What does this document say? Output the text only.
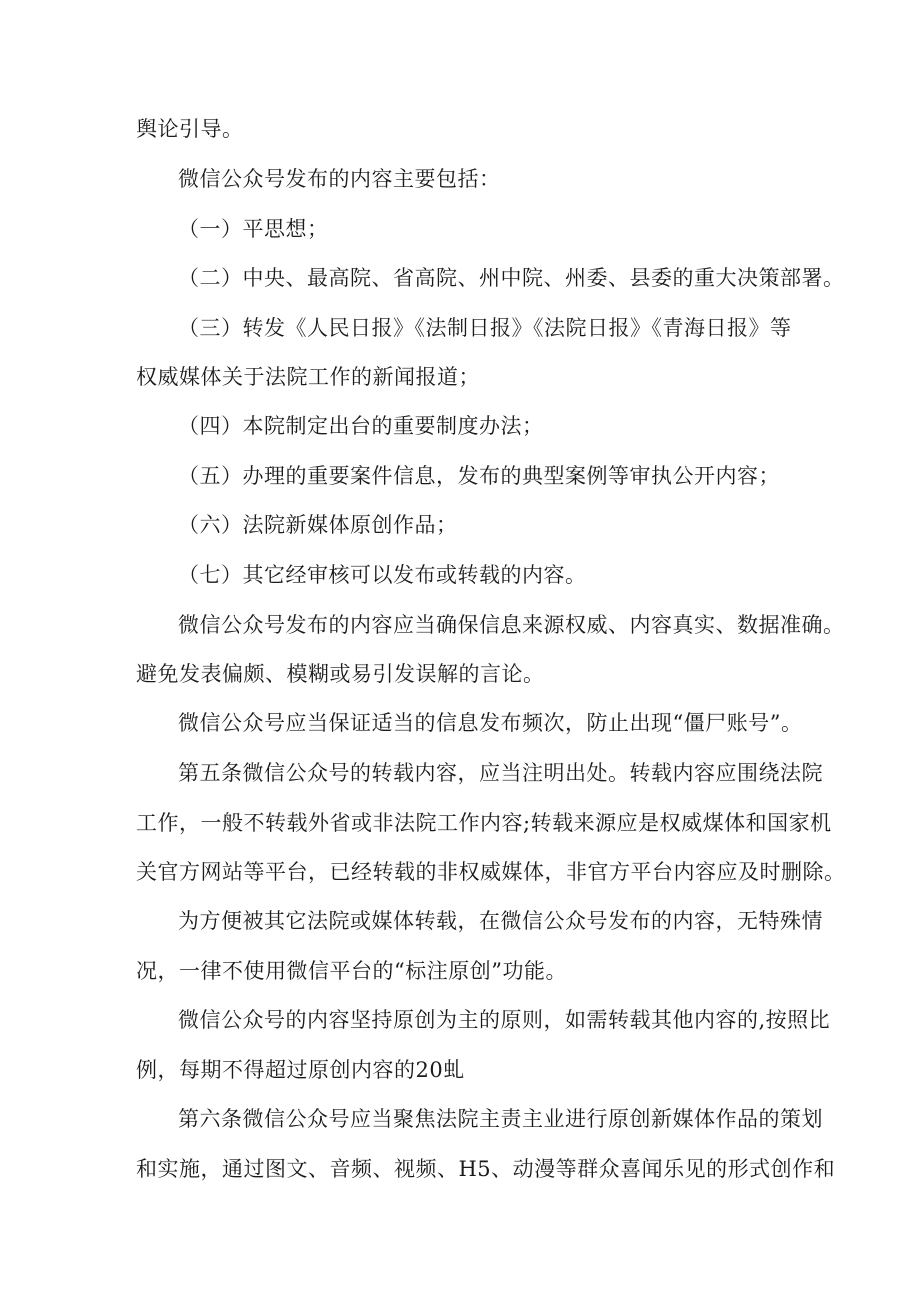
舆论引导。
微信公众号发布的内容主要包括：
（一）平思想；
（二）中央、最高院、省高院、州中院、州委、县委的重大决策部署。
（三）转发《人民日报》《法制日报》《法院日报》《青海日报》等
权威媒体关于法院工作的新闻报道；
（四）本院制定出台的重要制度办法；
（五）办理的重要案件信息，发布的典型案例等审执公开内容；
（六）法院新媒体原创作品；
（七）其它经审核可以发布或转载的内容。
微信公众号发布的内容应当确保信息来源权威、内容真实、数据准确。
避免发表偏颇、模糊或易引发误解的言论。
微信公众号应当保证适当的信息发布频次，防止出现“僵尸账号”。
第五条微信公众号的转载内容，应当注明出处。转载内容应围绕法院
工作，一般不转载外省或非法院工作内容;转载来源应是权威煤体和国家机
关官方网站等平台，已经转载的非权威媒体，非官方平台内容应及时删除。
为方便被其它法院或媒体转载，在微信公众号发布的内容，无特殊情
况，一律不使用微信平台的“标注原创”功能。
微信公众号的内容坚持原创为主的原则，如需转载其他内容的,按照比
例，每期不得超过原创内容的20虬
第六条微信公众号应当聚焦法院主责主业进行原创新媒体作品的策划
和实施，通过图文、音频、视频、H5、动漫等群众喜闻乐见的形式创作和
